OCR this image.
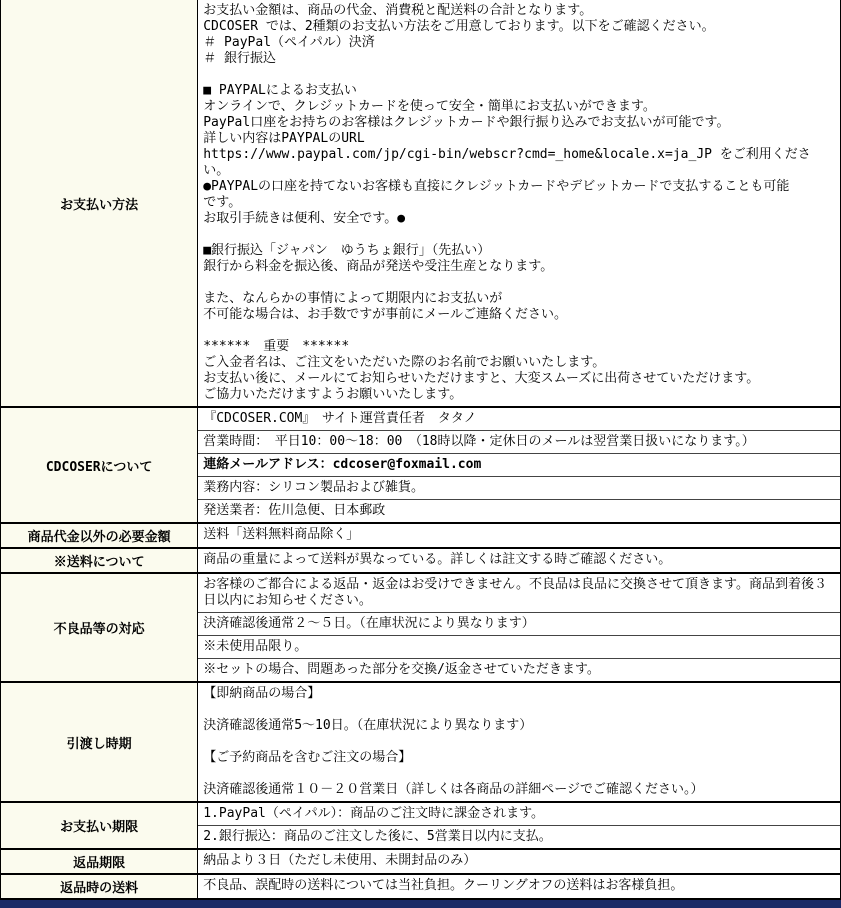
お支払い方法	
お支払い金額は、商品の代金、消費税と配送料の合計となります。
CDCOSER では、2種類のお支払い方法をご用意しております。以下をご確認ください。
＃ PayPal（ペイパル）決済
＃ 銀行振込
■ PAYPALによるお支払い
オンラインで、クレジットカードを使って安全・簡単にお支払いができます。
PayPal口座をお持ちのお客様はクレジットカードや銀行振り込みでお支払いが可能です。
詳しい内容はPAYPALのURL
https://www.paypal.com/jp/cgi-bin/webscr?cmd=_home&locale.x=ja_JP をご利用ください。
●PAYPALの口座を持てないお客様も直接にクレジットカードやデビットカードで支払することも可能
です。
お取引手続きは便利、安全です。●
■銀行振込「ジャパン　ゆうちょ銀行」（先払い）
銀行から料金を振込後、商品が発送や受注生産となります。
また、なんらかの事情によって期限内にお支払いが
不可能な場合は、お手数ですが事前にメールご連絡ください。
******　重要　******
ご入金者名は、ご注文をいただいた際のお名前でお願いいたします。
お支払い後に、メールにてお知らせいただけますと、大変スムーズに出荷させていただけます。
ご協力いただけますようお願いいたします。

CDCOSERについて	『CDCOSER.COM』　サイト運営責任者　タタノ
営業時間：　平日10：00～18：00　（18時以降・定休日のメールは翌営業日扱いになります。）
連絡メールアドレス：cdcoser@foxmail.com
業務内容：シリコン製品および雑貨。
発送業者：佐川急便、日本郵政

商品代金以外の必要金額	送料「送料無料商品除く」

※送料について	商品の重量によって送料が異なっている。詳しくは註文する時ご確認ください。

不良品等の対応	お客様のご都合による返品・返金はお受けできません。不良品は良品に交換させて頂きます。商品到着後３日以内にお知らせください。
決済確認後通常２～５日。（在庫状況により異なります）
※未使用品限り。
※セットの場合、問題あった部分を交換/返金させていただきます。

引渡し時期	【即納商品の場合】
決済確認後通常5～10日。（在庫状況により異なります）
【ご予約商品を含むご注文の場合】
決済確認後通常１０－２０営業日（詳しくは各商品の詳細ページでご確認ください。）

お支払い期限	1.PayPal（ペイパル）：商品のご注文時に課金されます。
2.銀行振込：商品のご注文した後に、5営業日以内に支払。

返品期限	納品より３日（ただし未使用、未開封品のみ）

返品時の送料	不良品、誤配時の送料については当社負担。クーリングオフの送料はお客様負担。
